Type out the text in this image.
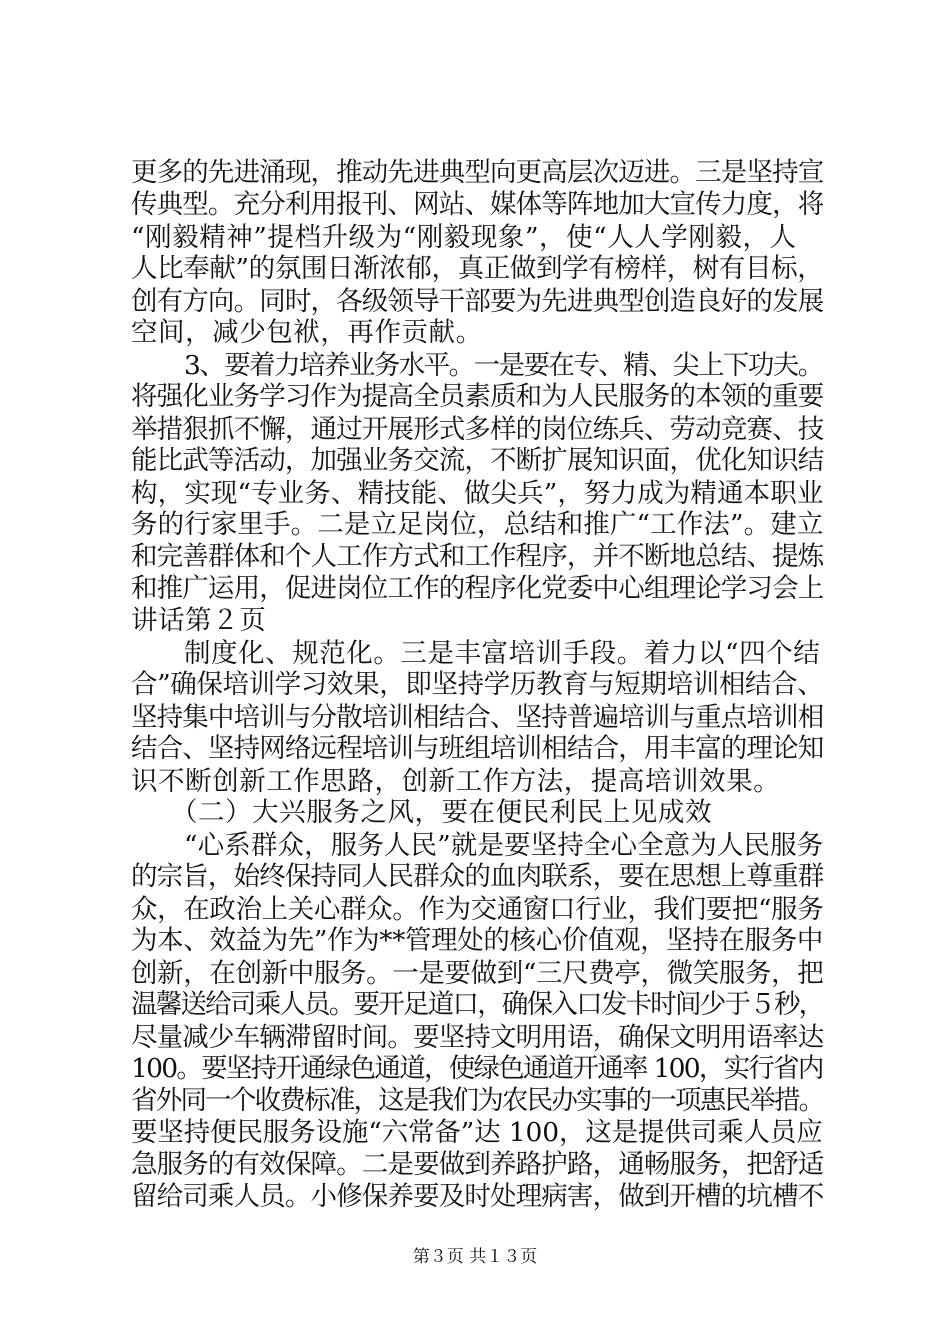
更多的先进涌现，推动先进典型向更高层次迈进。三是坚持宣
传典型。充分利用报刊、网站、媒体等阵地加大宣传力度，将
“刚毅精神”提档升级为“刚毅现象”，使“人人学刚毅，人
人比奉献”的氛围日渐浓郁，真正做到学有榜样，树有目标，
创有方向。同时，各级领导干部要为先进典型创造良好的发展
空间，减少包袱，再作贡献。
3、要着力培养业务水平。一是要在专、精、尖上下功夫。
将强化业务学习作为提高全员素质和为人民服务的本领的重要
举措狠抓不懈，通过开展形式多样的岗位练兵、劳动竞赛、技
能比武等活动，加强业务交流，不断扩展知识面，优化知识结
构，实现“专业务、精技能、做尖兵”，努力成为精通本职业
务的行家里手。二是立足岗位，总结和推广“工作法”。建立
和完善群体和个人工作方式和工作程序，并不断地总结、提炼
和推广运用，促进岗位工作的程序化党委中心组理论学习会上
讲话第２页
制度化、规范化。三是丰富培训手段。着力以“四个结
合”确保培训学习效果，即坚持学历教育与短期培训相结合、
坚持集中培训与分散培训相结合、坚持普遍培训与重点培训相
结合、坚持网络远程培训与班组培训相结合，用丰富的理论知
识不断创新工作思路，创新工作方法，提高培训效果。
（二）大兴服务之风，要在便民利民上见成效
“心系群众，服务人民”就是要坚持全心全意为人民服务
的宗旨，始终保持同人民群众的血肉联系，要在思想上尊重群
众，在政治上关心群众。作为交通窗口行业，我们要把“服务
为本、效益为先”作为**管理处的核心价值观，坚持在服务中
创新，在创新中服务。一是要做到“三尺费亭，微笑服务，把
温馨送给司乘人员。要开足道口，确保入口发卡时间少于５秒，
尽量减少车辆滞留时间。要坚持文明用语，确保文明用语率达
100。要坚持开通绿色通道，使绿色通道开通率 100，实行省内
省外同一个收费标准，这是我们为农民办实事的一项惠民举措。
要坚持便民服务设施“六常备”达 100，这是提供司乘人员应
急服务的有效保障。二是要做到养路护路，通畅服务，把舒适
留给司乘人员。小修保养要及时处理病害，做到开槽的坑槽不
第３页 共１３页
